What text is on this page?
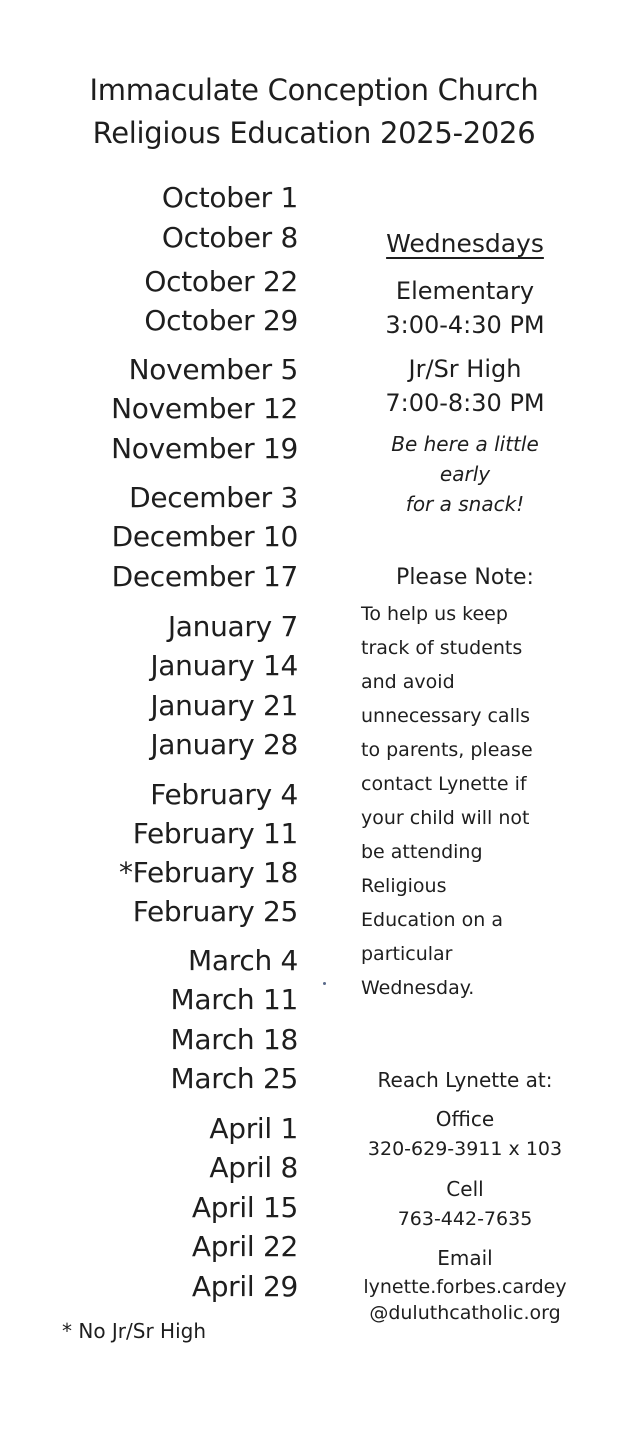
Immaculate Conception Church
Religious Education 2025-2026
October 1
October 8
October 22
October 29
November 5
November 12
November 19
December 3
December 10
December 17
January 7
January 14
January 21
January 28
February 4
February 11
*February 18
February 25
March 4
March 11
March 18
March 25
April 1
April 8
April 15
April 22
April 29
Wednesdays
Elementary
3:00-4:30 PM
Jr/Sr High
7:00-8:30 PM
Be here a little
early
for a snack!
Please Note:
To help us keep
track of students
and avoid
unnecessary calls
to parents, please
contact Lynette if
your child will not
be attending
Religious
Education on a
particular
Wednesday.
Reach Lynette at:
Office
320-629-3911 x 103
Cell
763-442-7635
Email
lynette.forbes.cardey
@duluthcatholic.org
* No Jr/Sr High
